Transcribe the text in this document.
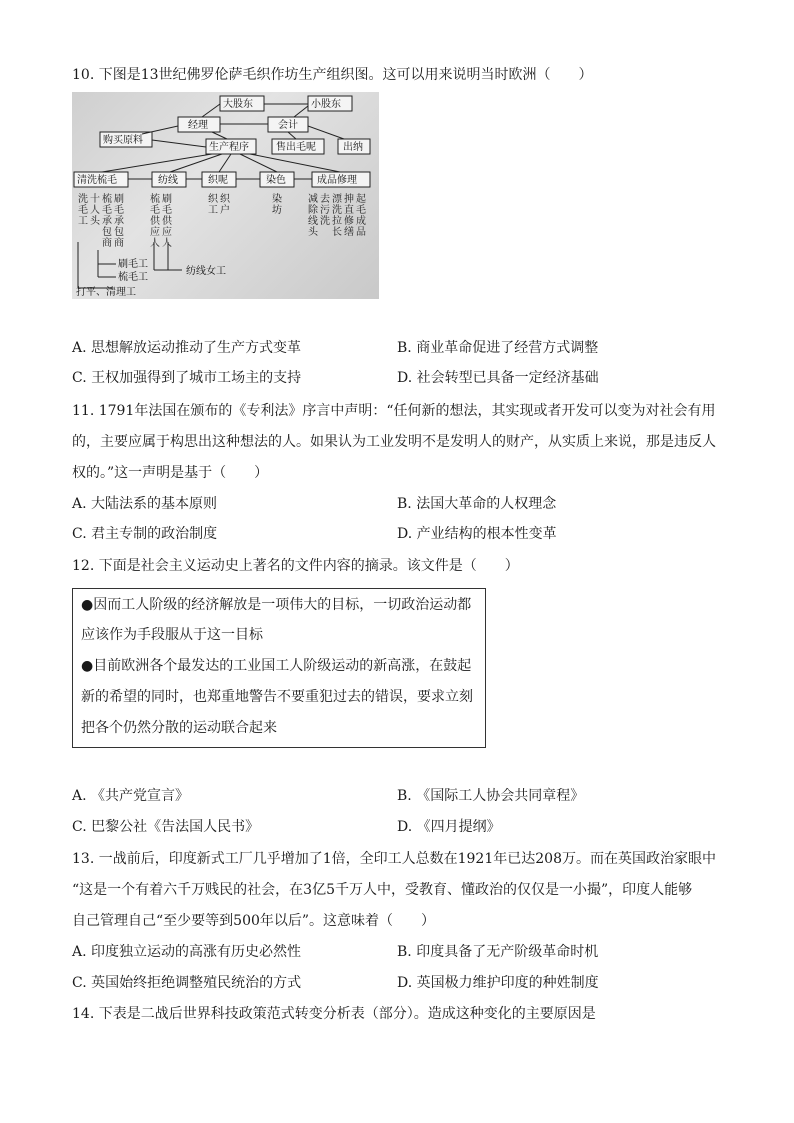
10. 下图是13世纪佛罗伦萨毛织作坊生产组织图。这可以用来说明当时欧洲（　　）
大股东	小股东
经理	会计
购买原料
生产程序	售出毛呢	出纳
清洗梳毛	纺线	织呢	染色	成品修理
洗毛工
十人头
梳毛承包商
刷毛承包商
梳毛供应人
刷毛供应人
织工
织户
染坊
减除线头
去污洗
漂洗拉长
抻直修缮
起毛成品
刷毛工
梳毛工
纺线女工
打平、清理工
A. 思想解放运动推动了生产方式变革	B. 商业革命促进了经营方式调整
C. 王权加强得到了城市工场主的支持	D. 社会转型已具备一定经济基础
11. 1791年法国在颁布的《专利法》序言中声明：“任何新的想法，其实现或者开发可以变为对社会有用
的，主要应属于构思出这种想法的人。如果认为工业发明不是发明人的财产，从实质上来说，那是违反人
权的。”这一声明是基于（　　）
A. 大陆法系的基本原则	B. 法国大革命的人权理念
C. 君主专制的政治制度	D. 产业结构的根本性变革
12. 下面是社会主义运动史上著名的文件内容的摘录。该文件是（　　）
●因而工人阶级的经济解放是一项伟大的目标，一切政治运动都
应该作为手段服从于这一目标
●目前欧洲各个最发达的工业国工人阶级运动的新高涨，在鼓起
新的希望的同时，也郑重地警告不要重犯过去的错误，要求立刻
把各个仍然分散的运动联合起来
A. 《共产党宣言》	B. 《国际工人协会共同章程》
C. 巴黎公社《告法国人民书》	D. 《四月提纲》
13. 一战前后，印度新式工厂几乎增加了1倍，全印工人总数在1921年已达208万。而在英国政治家眼中
“这是一个有着六千万贱民的社会，在3亿5千万人中，受教育、懂政治的仅仅是一小撮”，印度人能够
自己管理自己“至少要等到500年以后”。这意味着（　　）
A. 印度独立运动的高涨有历史必然性	B. 印度具备了无产阶级革命时机
C. 英国始终拒绝调整殖民统治的方式	D. 英国极力维护印度的种姓制度
14. 下表是二战后世界科技政策范式转变分析表（部分）。造成这种变化的主要原因是
